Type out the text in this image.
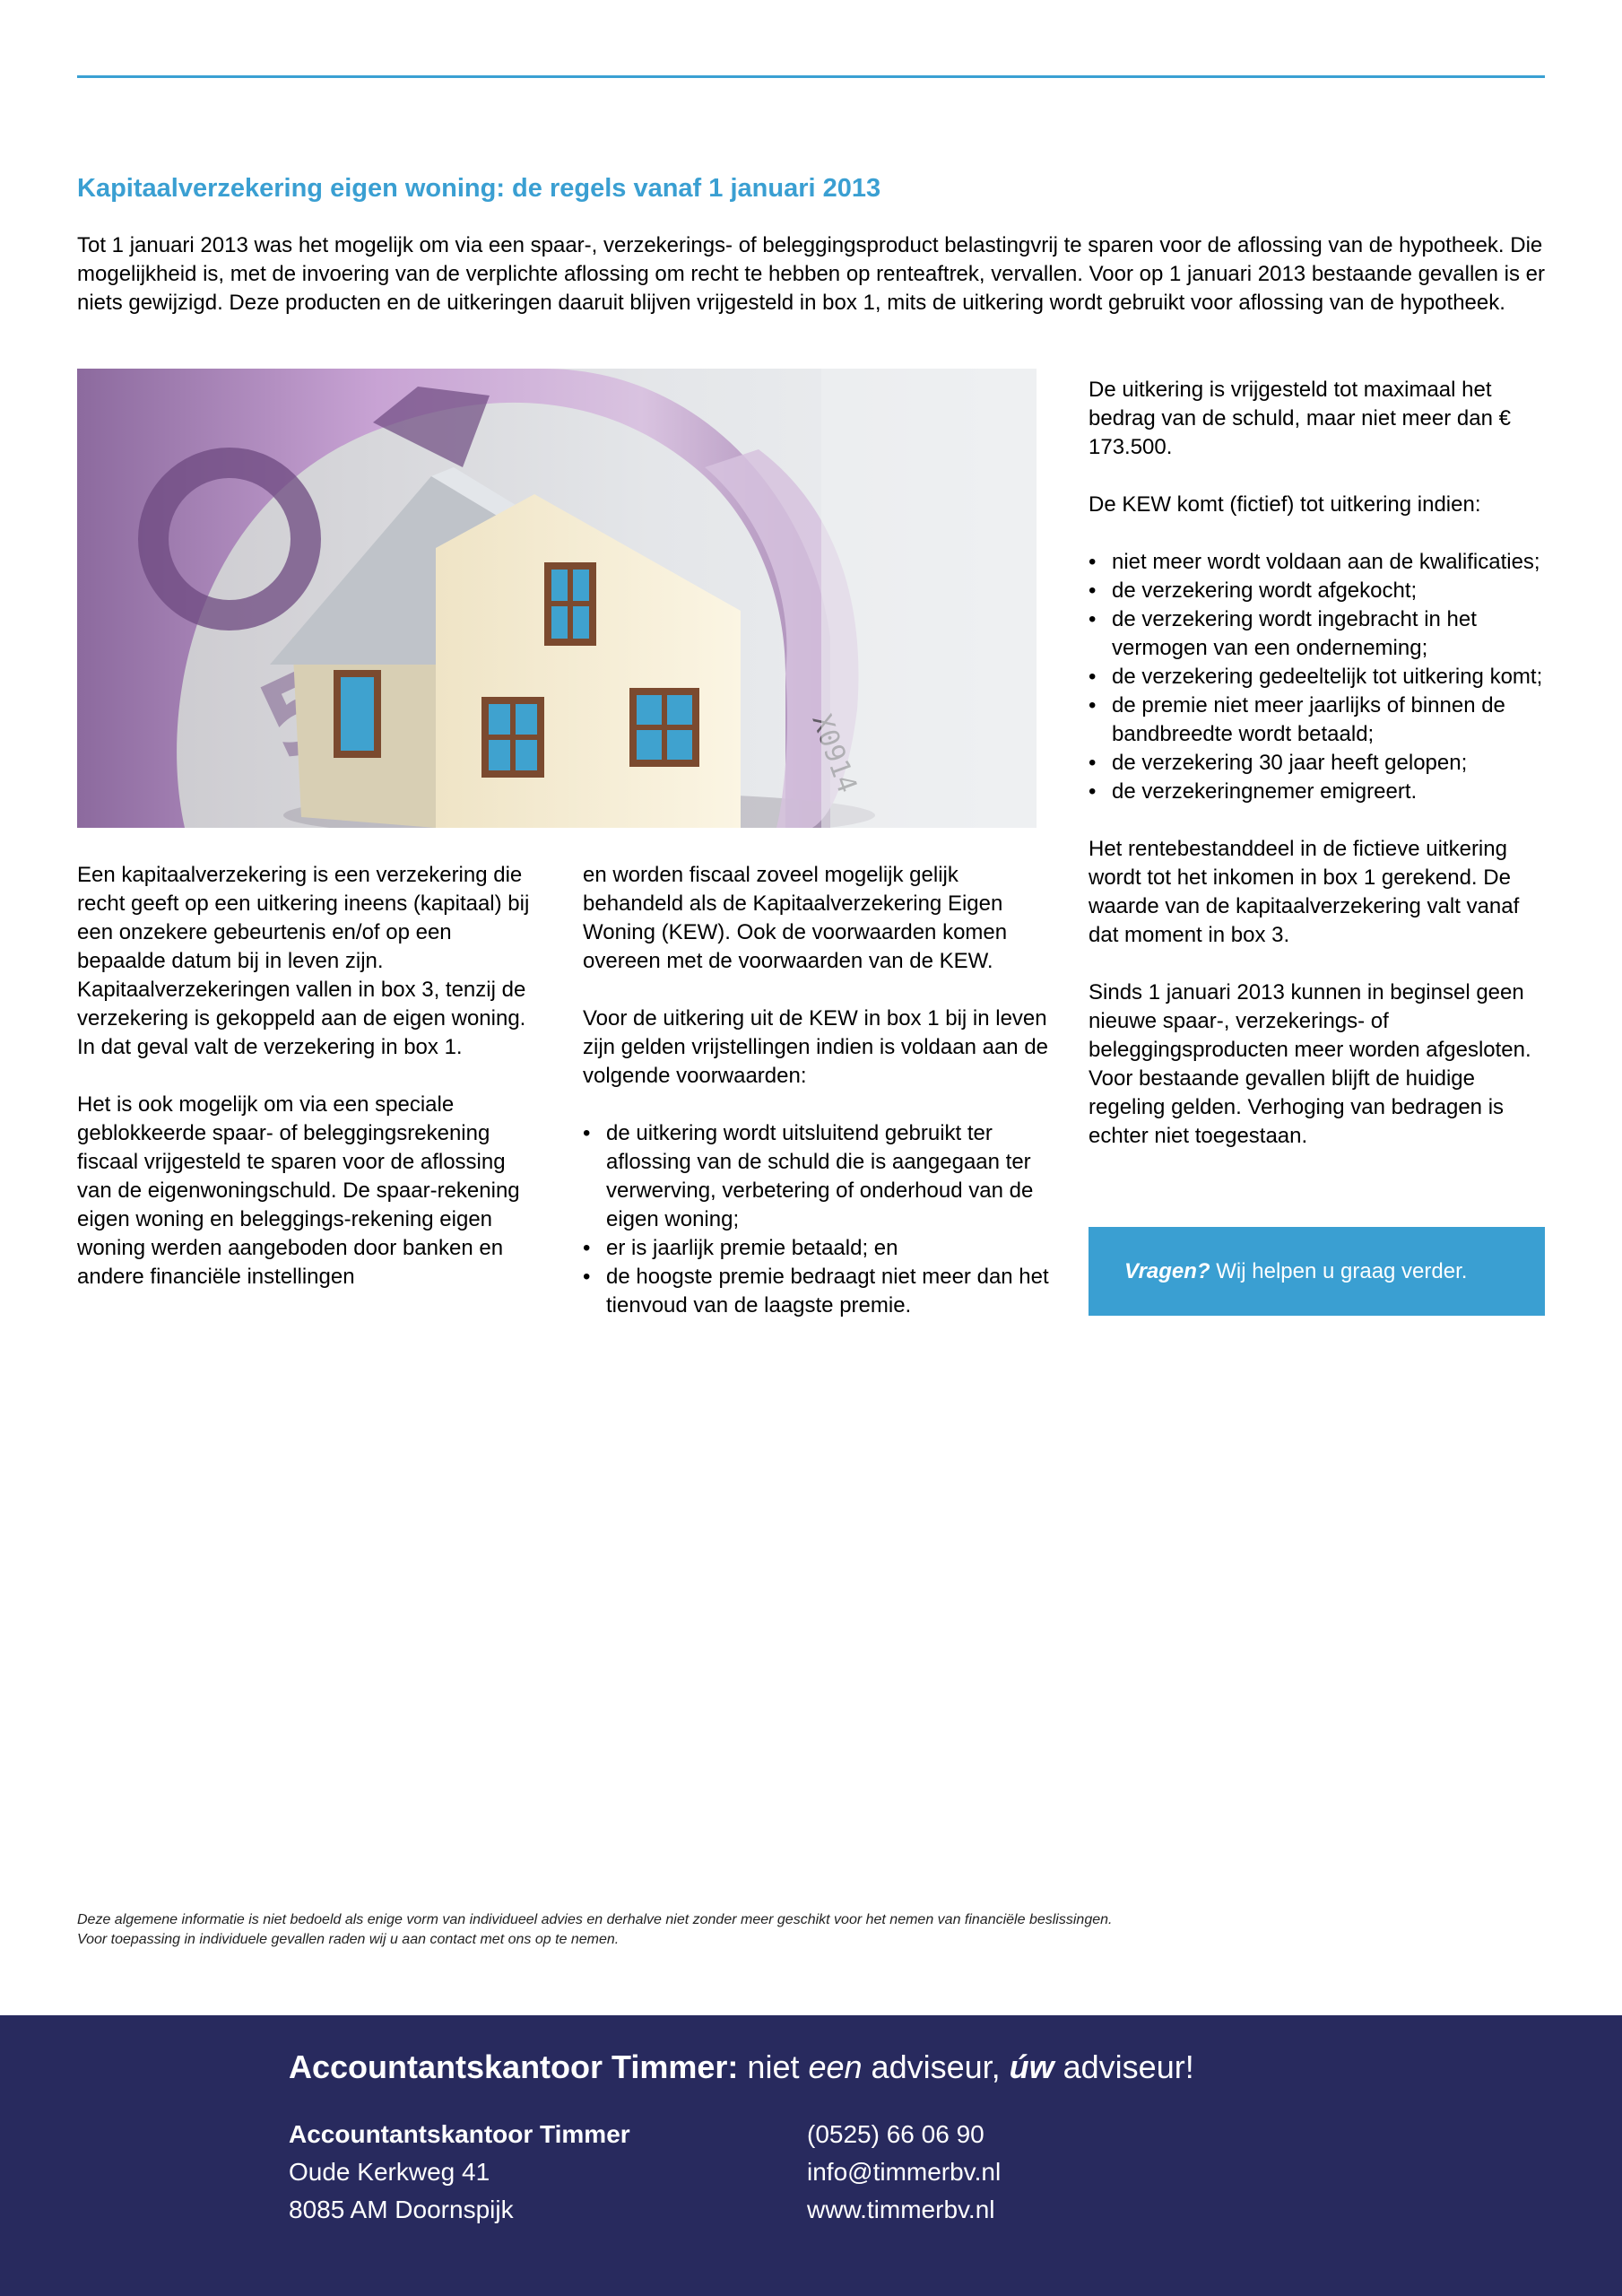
Kapitaalverzekering eigen woning: de regels vanaf 1 januari 2013

Tot 1 januari 2013 was het mogelijk om via een spaar-, verzekerings- of beleggingsproduct belastingvrij te sparen voor de aflossing van de hypotheek. Die mogelijkheid is, met de invoering van de verplichte aflossing om recht te hebben op renteaftrek, vervallen. Voor op 1 januari 2013 bestaande gevallen is er niets gewijzigd. Deze producten en de uitkeringen daaruit blijven vrijgesteld in box 1, mits de uitkering wordt gebruikt voor aflossing van de hypotheek.

Een kapitaalverzekering is een verzekering die recht geeft op een uitkering ineens (kapitaal) bij een onzekere gebeurtenis en/of op een bepaalde datum bij in leven zijn. Kapitaalverzekeringen vallen in box 3, tenzij de verzekering is gekoppeld aan de eigen woning. In dat geval valt de verzekering in box 1.

Het is ook mogelijk om via een speciale geblokkeerde spaar- of beleggingsrekening fiscaal vrijgesteld te sparen voor de aflossing van de eigenwoningschuld. De spaar-rekening eigen woning en beleggings-rekening eigen woning werden aangeboden door banken en andere financiële instellingen

en worden fiscaal zoveel mogelijk gelijk behandeld als de Kapitaalverzekering Eigen Woning (KEW). Ook de voorwaarden komen overeen met de voorwaarden van de KEW.

Voor de uitkering uit de KEW in box 1 bij in leven zijn gelden vrijstellingen indien is voldaan aan de volgende voorwaarden:

• de uitkering wordt uitsluitend gebruikt ter aflossing van de schuld die is aangegaan ter verwerving, verbetering of onderhoud van de eigen woning;
• er is jaarlijk premie betaald; en
• de hoogste premie bedraagt niet meer dan het tienvoud van de laagste premie.

De uitkering is vrijgesteld tot maximaal het bedrag van de schuld, maar niet meer dan € 173.500.

De KEW komt (fictief) tot uitkering indien:

• niet meer wordt voldaan aan de kwalificaties;
• de verzekering wordt afgekocht;
• de verzekering wordt ingebracht in het vermogen van een onderneming;
• de verzekering gedeeltelijk tot uitkering komt;
• de premie niet meer jaarlijks of binnen de bandbreedte wordt betaald;
• de verzekering 30 jaar heeft gelopen;
• de verzekeringnemer emigreert.

Het rentebestanddeel in de fictieve uitkering wordt tot het inkomen in box 1 gerekend. De waarde van de kapitaalverzekering valt vanaf dat moment in box 3.

Sinds 1 januari 2013 kunnen in beginsel geen nieuwe spaar-, verzekerings- of beleggingsproducten meer worden afgesloten. Voor bestaande gevallen blijft de huidige regeling gelden. Verhoging van bedragen is echter niet toegestaan.

Vragen? Wij helpen u graag verder.
Deze algemene informatie is niet bedoeld als enige vorm van individueel advies en derhalve niet zonder meer geschikt voor het nemen van financiële beslissingen.
Voor toepassing in individuele gevallen raden wij u aan contact met ons op te nemen.
Accountantskantoor Timmer: niet een adviseur, úw adviseur!
Accountantskantoor Timmer
Oude Kerkweg 41
8085 AM Doornspijk
(0525) 66 06 90
info@timmerbv.nl
www.timmerbv.nl
